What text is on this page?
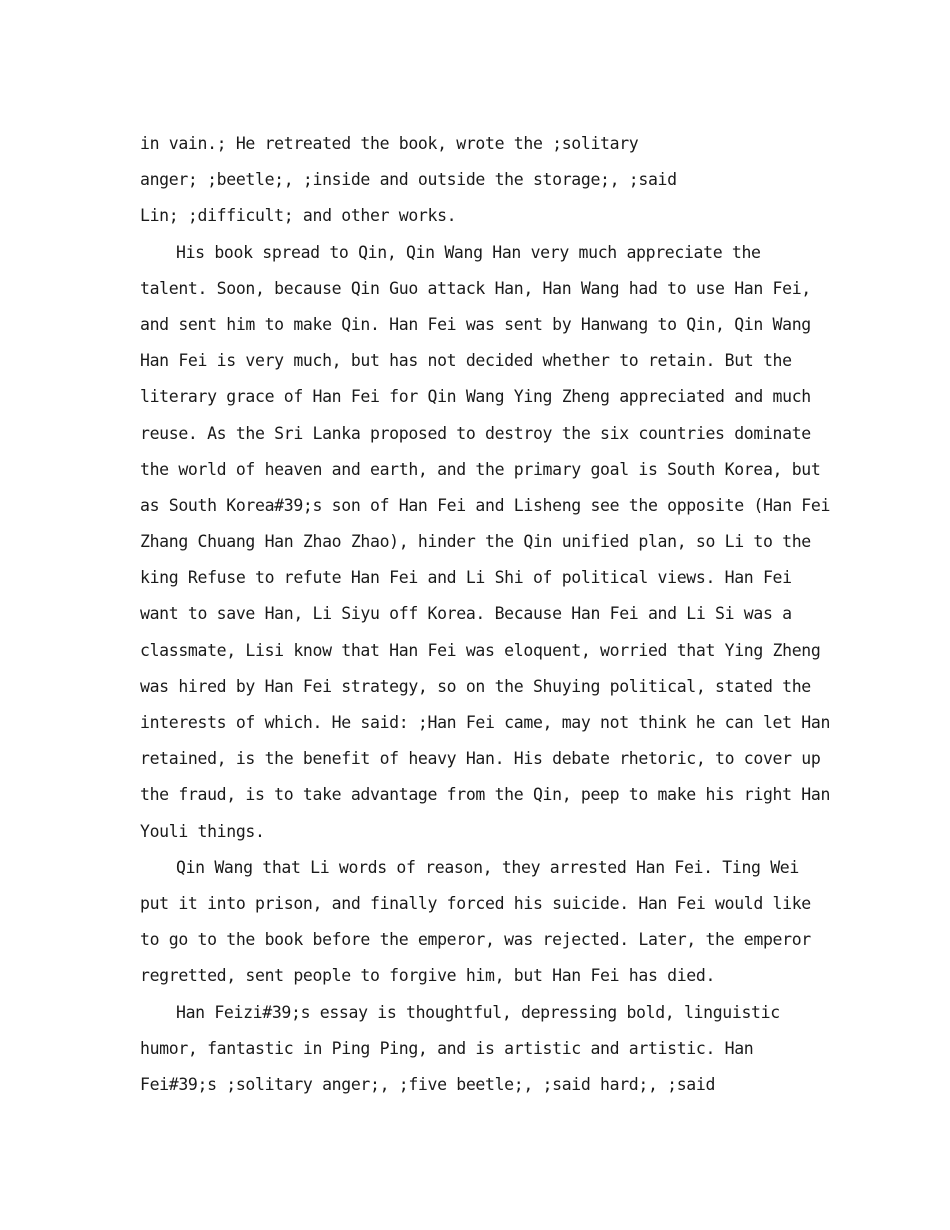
in vain.; He retreated the book, wrote the ;solitary
anger; ;beetle;, ;inside and outside the storage;, ;said
Lin; ;difficult; and other works.
His book spread to Qin, Qin Wang Han very much appreciate the
talent. Soon, because Qin Guo attack Han, Han Wang had to use Han Fei,
and sent him to make Qin. Han Fei was sent by Hanwang to Qin, Qin Wang
Han Fei is very much, but has not decided whether to retain. But the
literary grace of Han Fei for Qin Wang Ying Zheng appreciated and much
reuse. As the Sri Lanka proposed to destroy the six countries dominate
the world of heaven and earth, and the primary goal is South Korea, but
as South Korea#39;s son of Han Fei and Lisheng see the opposite (Han Fei
Zhang Chuang Han Zhao Zhao), hinder the Qin unified plan, so Li to the
king Refuse to refute Han Fei and Li Shi of political views. Han Fei
want to save Han, Li Siyu off Korea. Because Han Fei and Li Si was a
classmate, Lisi know that Han Fei was eloquent, worried that Ying Zheng
was hired by Han Fei strategy, so on the Shuying political, stated the
interests of which. He said: ;Han Fei came, may not think he can let Han
retained, is the benefit of heavy Han. His debate rhetoric, to cover up
the fraud, is to take advantage from the Qin, peep to make his right Han
Youli things.
Qin Wang that Li words of reason, they arrested Han Fei. Ting Wei
put it into prison, and finally forced his suicide. Han Fei would like
to go to the book before the emperor, was rejected. Later, the emperor
regretted, sent people to forgive him, but Han Fei has died.
Han Feizi#39;s essay is thoughtful, depressing bold, linguistic
humor, fantastic in Ping Ping, and is artistic and artistic. Han
Fei#39;s ;solitary anger;, ;five beetle;, ;said hard;, ;said
